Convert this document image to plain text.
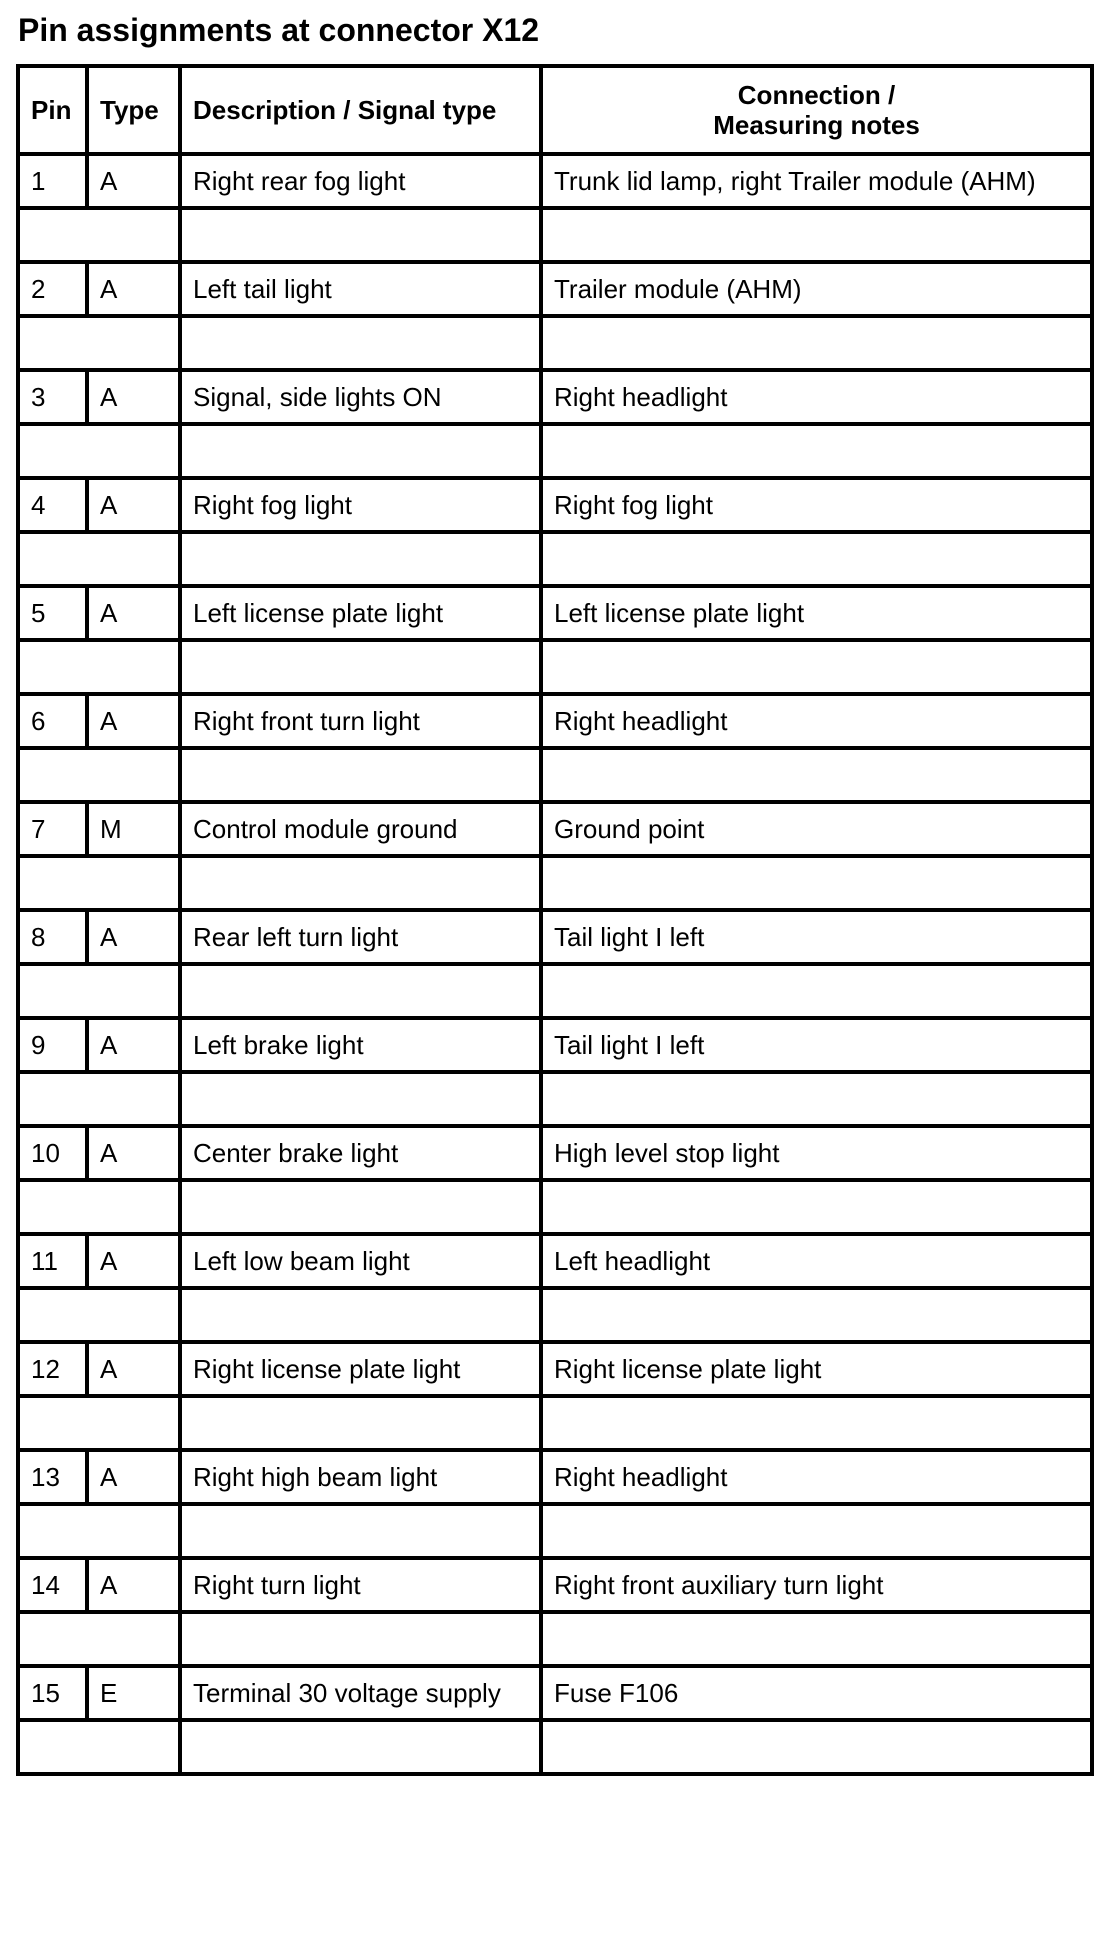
Pin assignments at connector X12
Pin	Type	Description / Signal type	Connection /
Measuring notes

1	A	Right rear fog light	Trunk lid lamp, right Trailer module (AHM)

2	A	Left tail light	Trailer module (AHM)

3	A	Signal, side lights ON	Right headlight

4	A	Right fog light	Right fog light

5	A	Left license plate light	Left license plate light

6	A	Right front turn light	Right headlight

7	M	Control module ground	Ground point

8	A	Rear left turn light	Tail light I left

9	A	Left brake light	Tail light I left

10	A	Center brake light	High level stop light

11	A	Left low beam light	Left headlight

12	A	Right license plate light	Right license plate light

13	A	Right high beam light	Right headlight

14	A	Right turn light	Right front auxiliary turn light

15	E	Terminal 30 voltage supply	Fuse F106
